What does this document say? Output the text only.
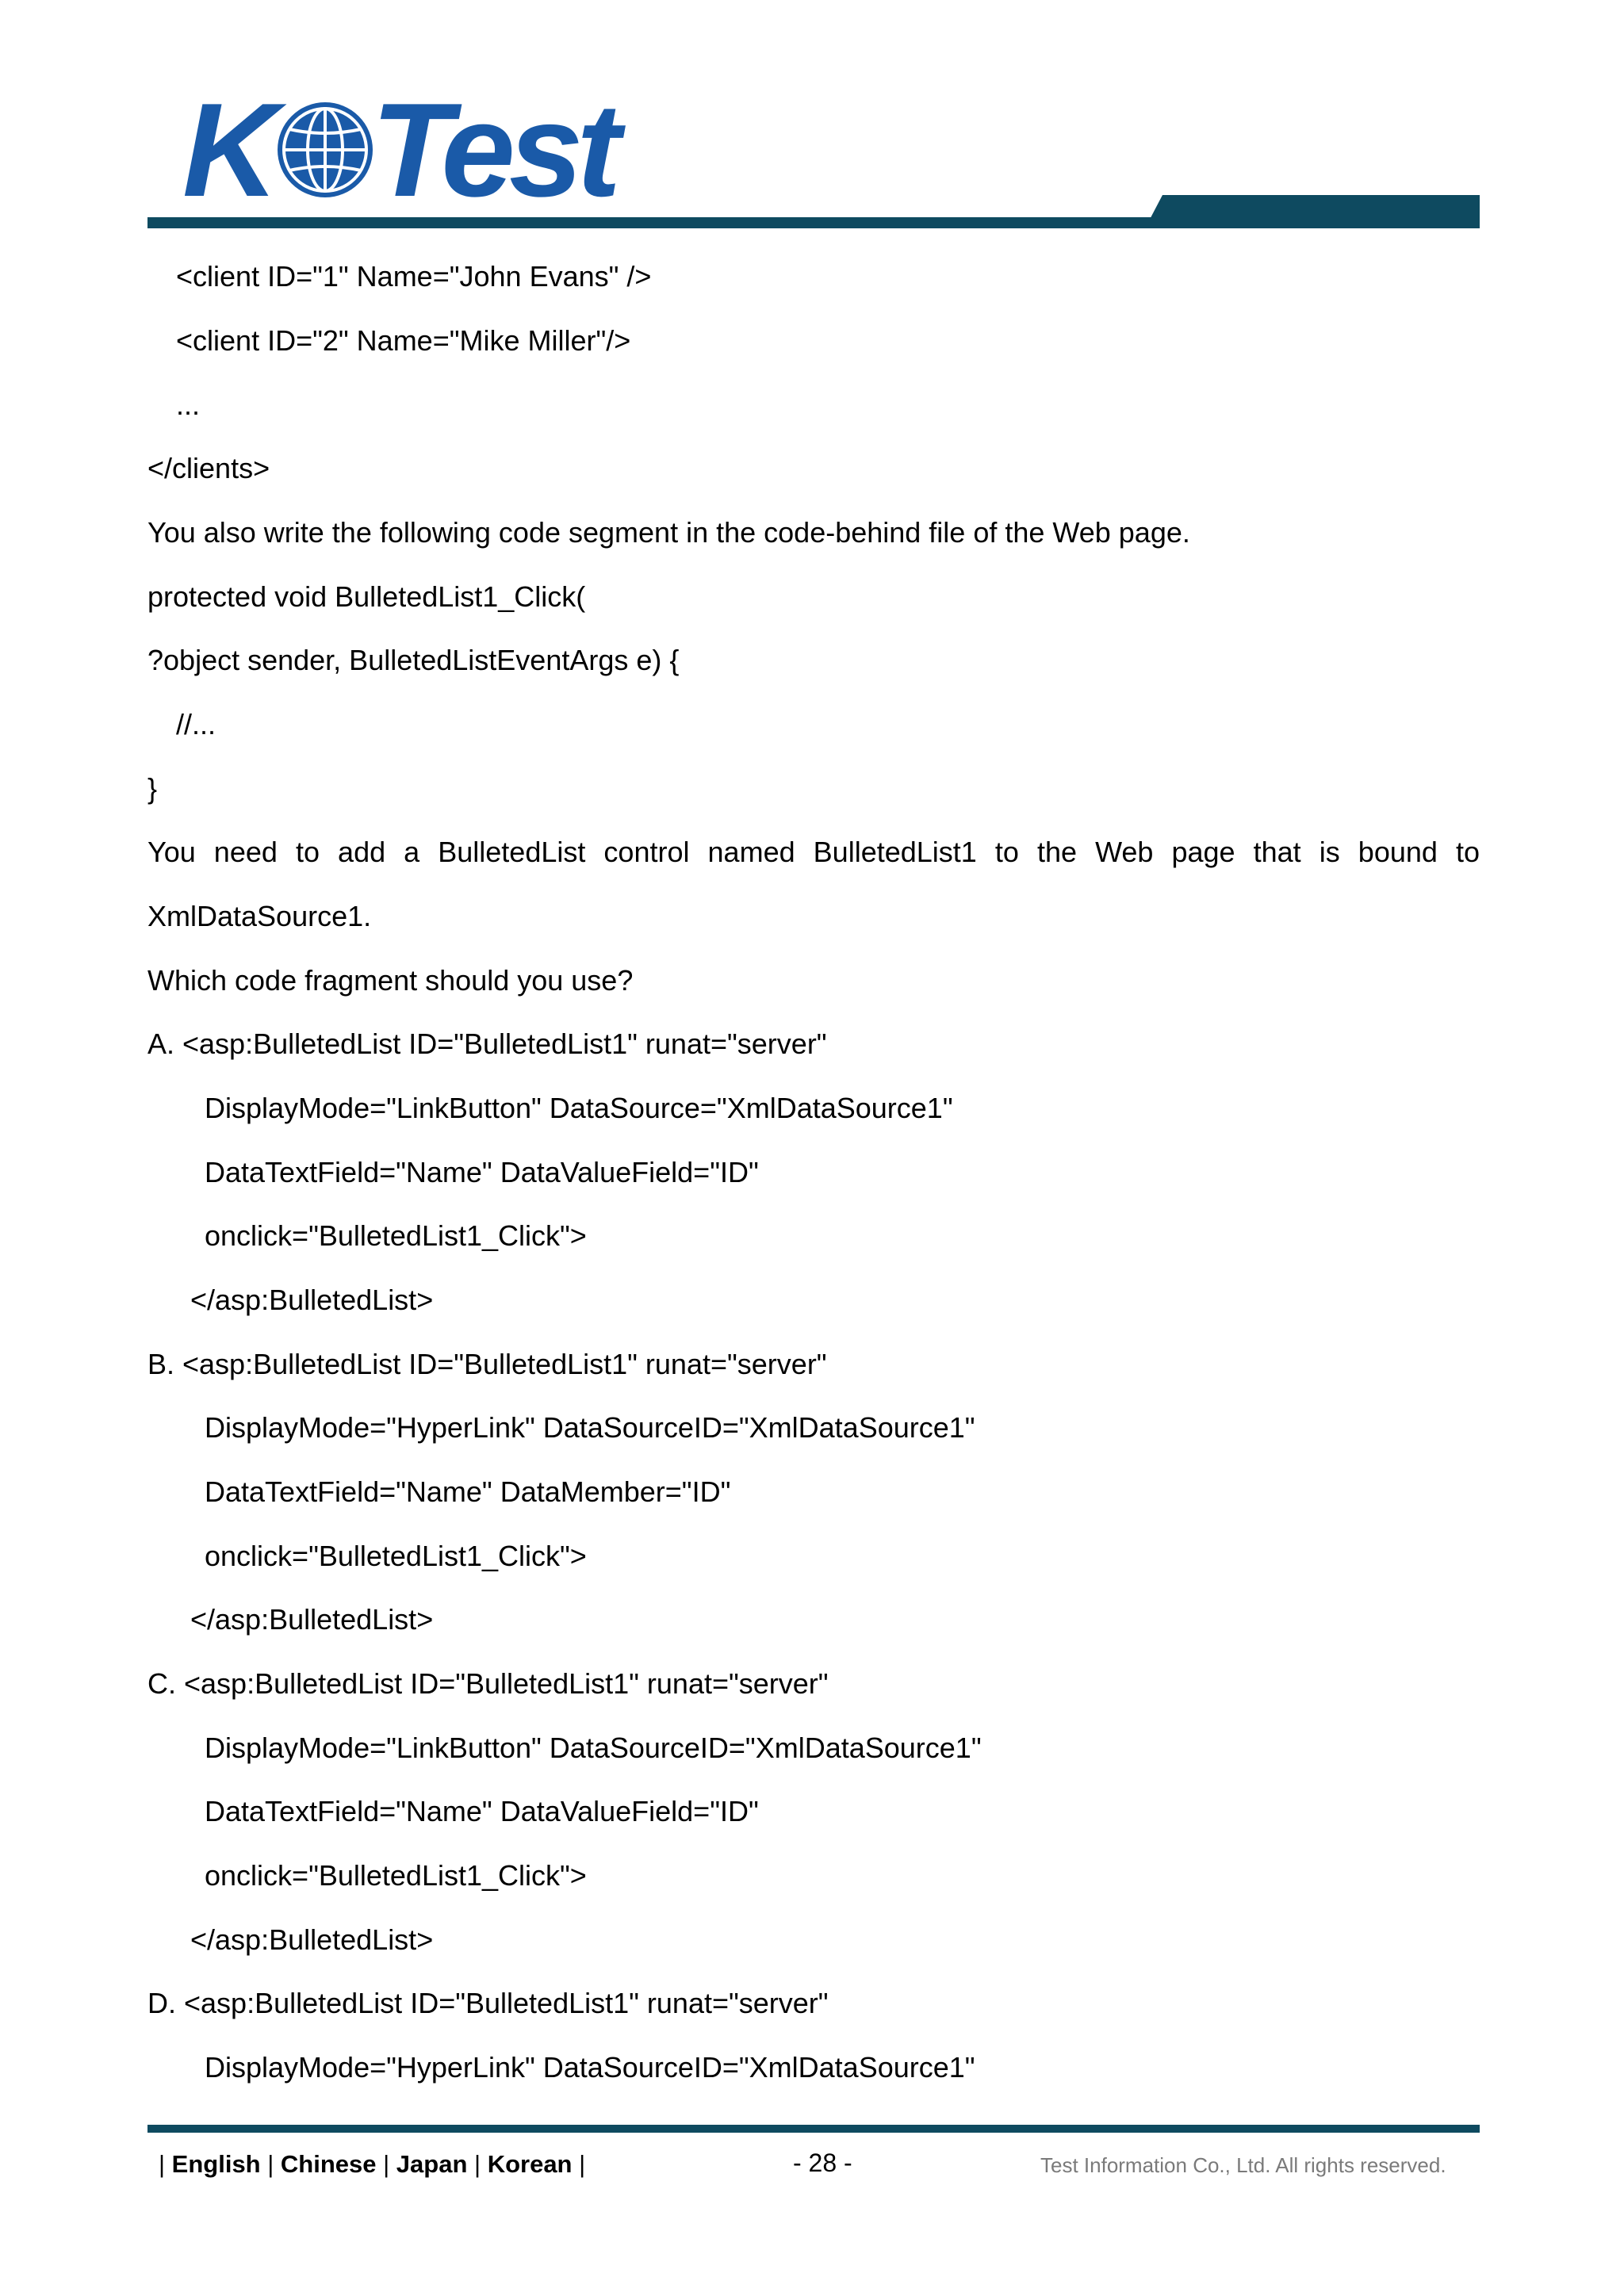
K Test
<client ID="1" Name="John Evans" />
<client ID="2" Name="Mike Miller"/>
...
</clients>
You also write the following code segment in the code-behind file of the Web page.
protected void BulletedList1_Click(
?object sender, BulletedListEventArgs e) {
//...
}
You need to add a BulletedList control named BulletedList1 to the Web page that is bound to
XmlDataSource1.
Which code fragment should you use?
A. <asp:BulletedList ID="BulletedList1" runat="server"
DisplayMode="LinkButton" DataSource="XmlDataSource1"
DataTextField="Name" DataValueField="ID"
onclick="BulletedList1_Click">
</asp:BulletedList>
B. <asp:BulletedList ID="BulletedList1" runat="server"
DisplayMode="HyperLink" DataSourceID="XmlDataSource1"
DataTextField="Name" DataMember="ID"
onclick="BulletedList1_Click">
</asp:BulletedList>
C. <asp:BulletedList ID="BulletedList1" runat="server"
DisplayMode="LinkButton" DataSourceID="XmlDataSource1"
DataTextField="Name" DataValueField="ID"
onclick="BulletedList1_Click">
</asp:BulletedList>
D. <asp:BulletedList ID="BulletedList1" runat="server"
DisplayMode="HyperLink" DataSourceID="XmlDataSource1"
| English | Chinese | Japan | Korean |	- 28 -	Test Information Co., Ltd. All rights reserved.
